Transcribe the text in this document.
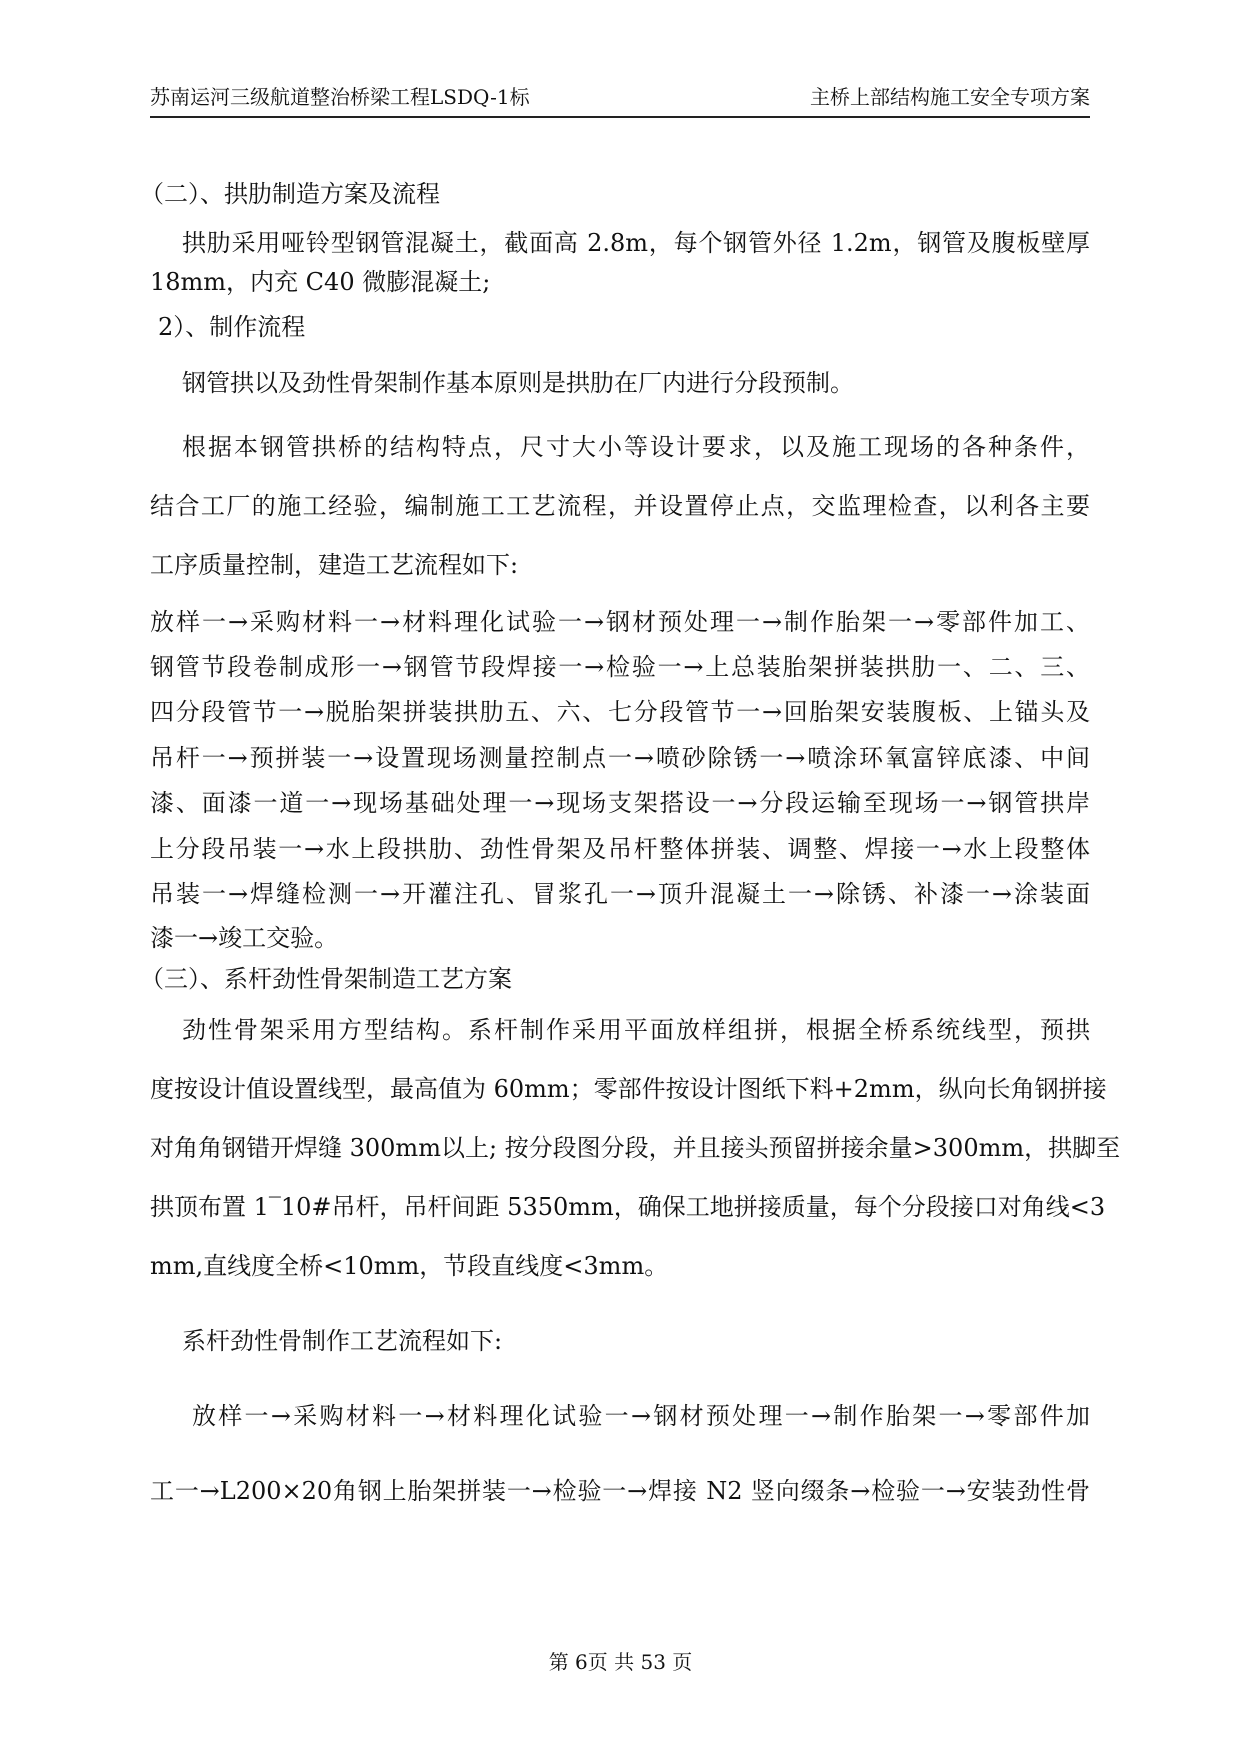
苏南运河三级航道整治桥梁工程LSDQ-1标	主桥上部结构施工安全专项方案
（二）、拱肋制造方案及流程
拱肋采用哑铃型钢管混凝土，截面高 2.8m，每个钢管外径 1.2m，钢管及腹板壁厚
18mm，内充 C40 微膨混凝土;
2）、制作流程
钢管拱以及劲性骨架制作基本原则是拱肋在厂内进行分段预制。
根据本钢管拱桥的结构特点，尺寸大小等设计要求，以及施工现场的各种条件，
结合工厂的施工经验，编制施工工艺流程，并设置停止点，交监理检查，以利各主要
工序质量控制，建造工艺流程如下:
放样一→采购材料一→材料理化试验一→钢材预处理一→制作胎架一→零部件加工、
钢管节段卷制成形一→钢管节段焊接一→检验一→上总装胎架拼装拱肋一、二、三、
四分段管节一→脱胎架拼装拱肋五、六、七分段管节一→回胎架安装腹板、上锚头及
吊杆一→预拼装一→设置现场测量控制点一→喷砂除锈一→喷涂环氧富锌底漆、中间
漆、面漆一道一→现场基础处理一→现场支架搭设一→分段运输至现场一→钢管拱岸
上分段吊装一→水上段拱肋、劲性骨架及吊杆整体拼装、调整、焊接一→水上段整体
吊装一→焊缝检测一→开灌注孔、冒浆孔一→顶升混凝土一→除锈、补漆一→涂装面
漆一→竣工交验。
（三）、系杆劲性骨架制造工艺方案
劲性骨架采用方型结构。系杆制作采用平面放样组拼，根据全桥系统线型，预拱
度按设计值设置线型，最高值为 60mm；零部件按设计图纸下料+2mm，纵向长角钢拼接
对角角钢错开焊缝 300mm以上; 按分段图分段，并且接头预留拼接余量>300mm，拱脚至
拱顶布置 1‾10#吊杆，吊杆间距 5350mm，确保工地拼接质量，每个分段接口对角线<3
mm,直线度全桥<10mm，节段直线度<3mm。
系杆劲性骨制作工艺流程如下:
放样一→采购材料一→材料理化试验一→钢材预处理一→制作胎架一→零部件加
工一→L200×20角钢上胎架拼装一→检验一→焊接 N2 竖向缀条→检验一→安装劲性骨
第 6页 共 53 页
